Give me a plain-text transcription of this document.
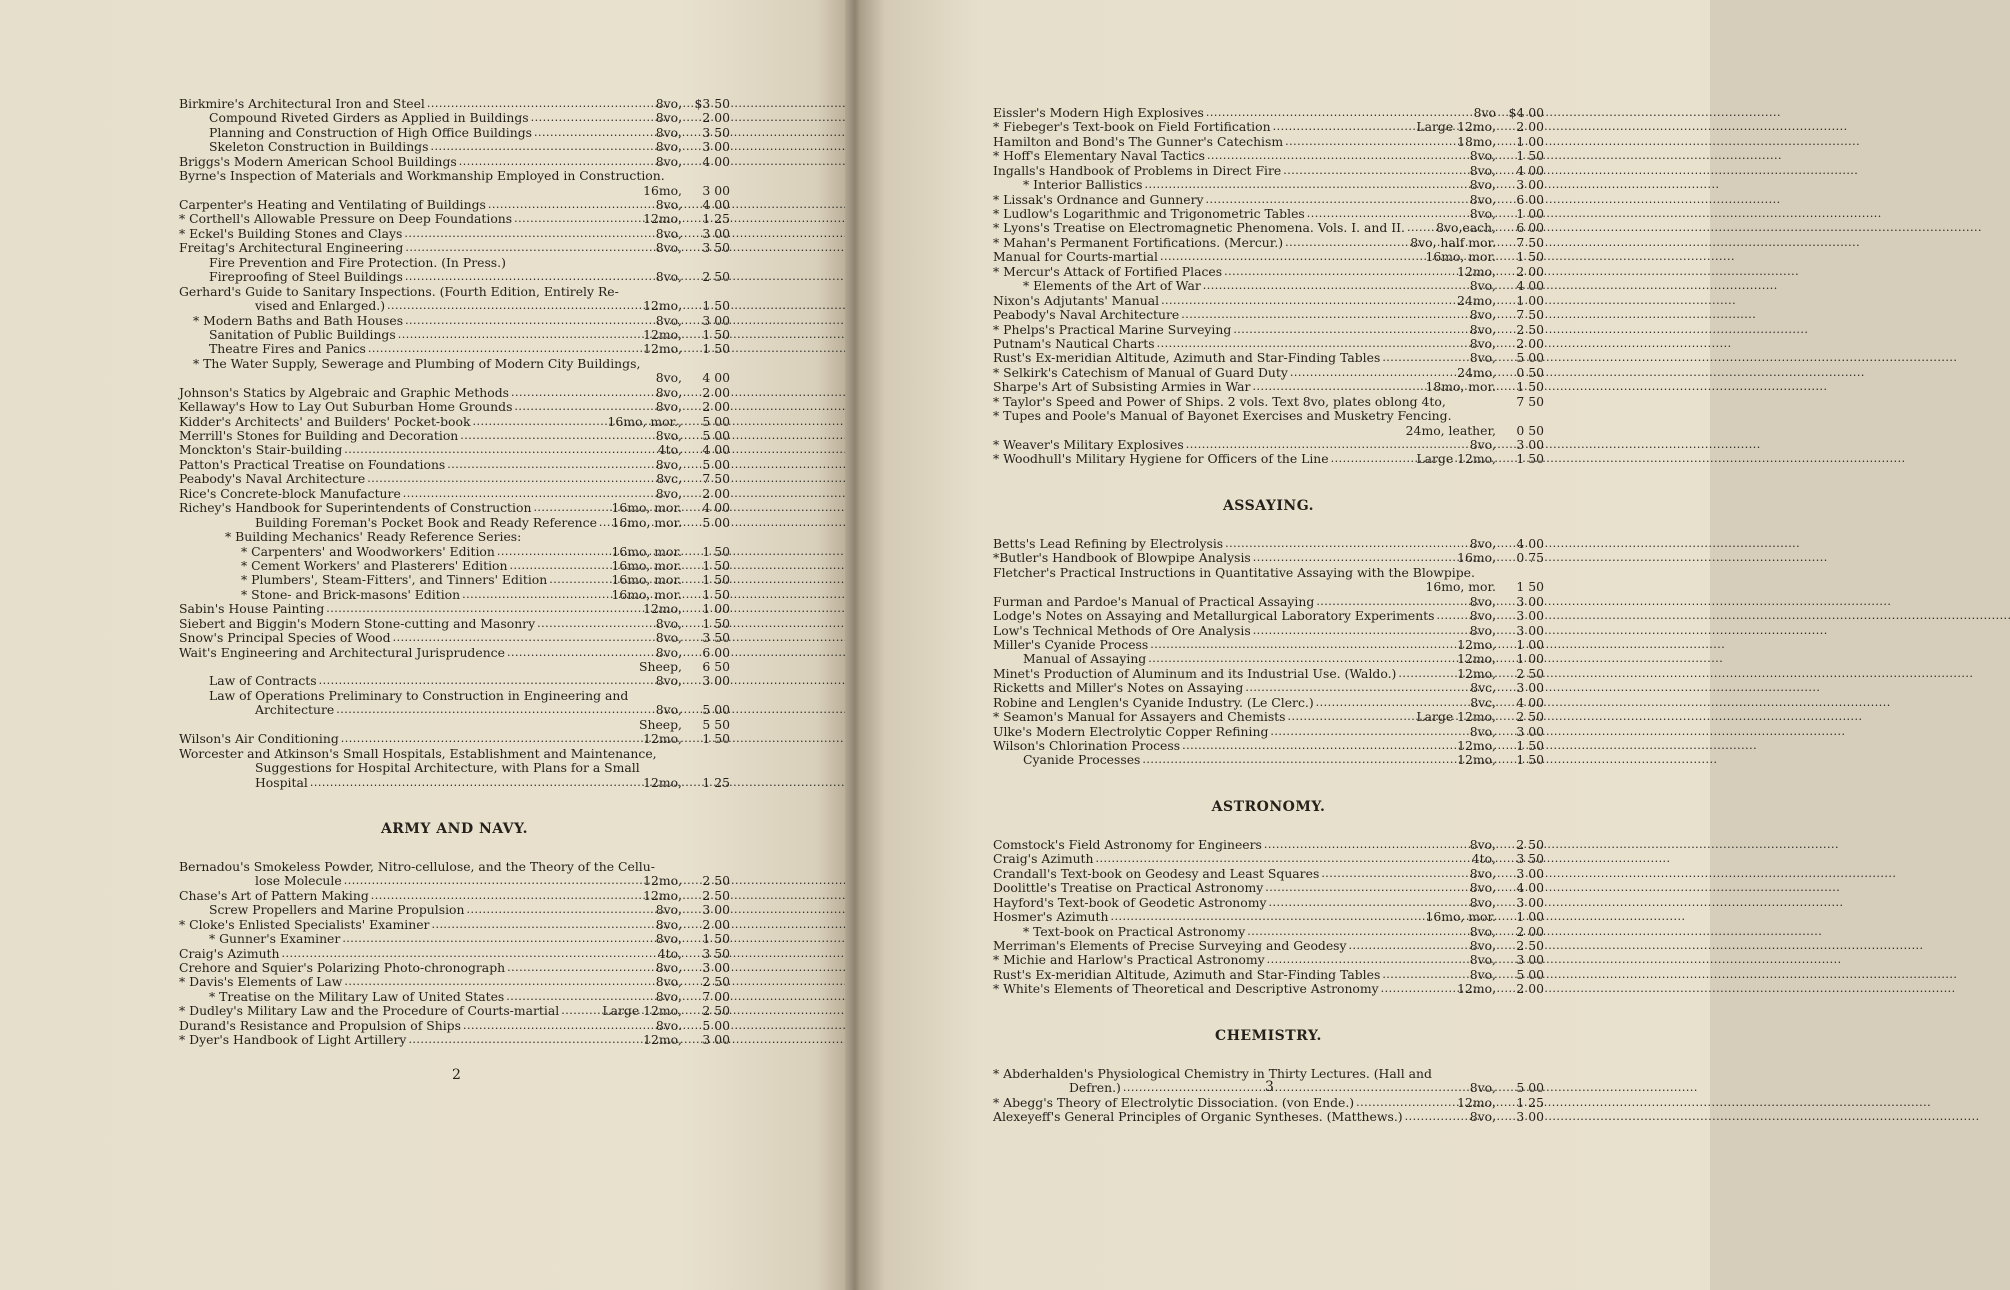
Birkmire's Architectural Iron and Steel . . .	8vo,	$3 50
Compound Riveted Girders as Applied in Buildings . . .	8vo,	2 00
Planning and Construction of High Office Buildings . . .	8vo,	3 50
Skeleton Construction in Buildings . . .	8vo,	3 00
Briggs's Modern American School Buildings . . .	8vo,	4 00
Byrne's Inspection of Materials and Workmanship Employed in Construction.
16mo,	3 00
Carpenter's Heating and Ventilating of Buildings . . .	8vo,	4 00
* Corthell's Allowable Pressure on Deep Foundations . . .	12mo,	1 25
* Eckel's Building Stones and Clays . . .	8vo,	3 00
Freitag's Architectural Engineering . . .	8vo,	3 50
Fire Prevention and Fire Protection. (In Press.)
Fireproofing of Steel Buildings . . .	8vo,	2 50
Gerhard's Guide to Sanitary Inspections. (Fourth Edition, Entirely Re-
vised and Enlarged.) . . .	12mo,	1 50
* Modern Baths and Bath Houses . . .	8vo,	3 00
Sanitation of Public Buildings . . .	12mo,	1 50
Theatre Fires and Panics . . .	12mo,	1 50
* The Water Supply, Sewerage and Plumbing of Modern City Buildings,
8vo,	4 00
Johnson's Statics by Algebraic and Graphic Methods . . .	8vo,	2 00
Kellaway's How to Lay Out Suburban Home Grounds . . .	8vo,	2 00
Kidder's Architects' and Builders' Pocket-book . . .	16mo, mor.,	5 00
Merrill's Stones for Building and Decoration . . .	8vo,	5 00
Monckton's Stair-building . . .	4to,	4 00
Patton's Practical Treatise on Foundations . . .	8vo,	5 00
Peabody's Naval Architecture . . .	8vc,	7 50
Rice's Concrete-block Manufacture . . .	8vo,	2 00
Richey's Handbook for Superintendents of Construction . . .	16mo, mor.	4 00
Building Foreman's Pocket Book and Ready Reference . . . 16mo, mor.	5 00
* Building Mechanics' Ready Reference Series:
* Carpenters' and Woodworkers' Edition . . .	16mo, mor.	1 50
* Cement Workers' and Plasterers' Edition . . .	16mo, mor.	1 50
* Plumbers', Steam-Fitters', and Tinners' Edition . . .	16mo, mor.	1 50
* Stone- and Brick-masons' Edition . . .	16mo, mor.	1 50
Sabin's House Painting . . .	12mo,	1 00
Siebert and Biggin's Modern Stone-cutting and Masonry . . .	8vo,	1 50
Snow's Principal Species of Wood . . .	8vo,	3 50
Wait's Engineering and Architectural Jurisprudence . . .	8vo,	6 00
Sheep,	6 50
Law of Contracts . . .	8vo,	3 00
Law of Operations Preliminary to Construction in Engineering and
Architecture . . .	8vo,	5 00
Sheep,	5 50
Wilson's Air Conditioning . . .	12mo,	1 50
Worcester and Atkinson's Small Hospitals, Establishment and Maintenance,
Suggestions for Hospital Architecture, with Plans for a Small
Hospital . . .	12mo,	1 25
ARMY AND NAVY.
Bernadou's Smokeless Powder, Nitro-cellulose, and the Theory of the Cellu-
lose Molecule . . .	12mo,	2 50
Chase's Art of Pattern Making . . .	12mo,	2 50
Screw Propellers and Marine Propulsion . . .	8vo,	3 00
* Cloke's Enlisted Specialists' Examiner . . .	8vo,	2 00
* Gunner's Examiner . . .	8vo,	1 50
Craig's Azimuth . . .	4to,	3 50
Crehore and Squier's Polarizing Photo-chronograph . . .	8vo,	3 00
* Davis's Elements of Law . . .	8vo,	2 50
* Treatise on the Military Law of United States . . .	8vo,	7 00
* Dudley's Military Law and the Procedure of Courts-martial . . .	Large 12mo,	2 50
Durand's Resistance and Propulsion of Ships . . .	8vo.	5 00
* Dyer's Handbook of Light Artillery . . .	12mo,	3 00
2
Eissler's Modern High Explosives . . .	8vo	$4 00
* Fiebeger's Text-book on Field Fortification . . .	Large 12mo,	2 00
Hamilton and Bond's The Gunner's Catechism . . .	18mo,	1 00
* Hoff's Elementary Naval Tactics . . .	8vo,	1 50
Ingalls's Handbook of Problems in Direct Fire . . .	8vo,	4 00
* Interior Ballistics . . .	8vo,	3 00
* Lissak's Ordnance and Gunnery . . .	8vo,	6 00
* Ludlow's Logarithmic and Trigonometric Tables . . .	8vo,	1 00
* Lyons's Treatise on Electromagnetic Phenomena. Vols. I. and II. . . .	8vo,each,	6 00
* Mahan's Permanent Fortifications. (Mercur.) . . .	8vo, half mor.	7 50
Manual for Courts-martial . . .	16mo, mor.	1 50
* Mercur's Attack of Fortified Places . . .	12mo,	2 00
* Elements of the Art of War . . .	8vo,	4 00
Nixon's Adjutants' Manual . . .	24mo,	1 00
Peabody's Naval Architecture . . .	8vo,	7 50
* Phelps's Practical Marine Surveying . . .	8vo,	2 50
Putnam's Nautical Charts . . .	8vo,	2 00
Rust's Ex-meridian Altitude, Azimuth and Star-Finding Tables . . .	8vo,	5 00
* Selkirk's Catechism of Manual of Guard Duty . . .	24mo,	0 50
Sharpe's Art of Subsisting Armies in War . . .	18mo, mor.	1 50
* Taylor's Speed and Power of Ships. 2 vols. Text 8vo, plates oblong 4to,	7 50
* Tupes and Poole's Manual of Bayonet Exercises and Musketry Fencing.
24mo, leather,	0 50
* Weaver's Military Explosives . . .	8vo,	3 00
* Woodhull's Military Hygiene for Officers of the Line . . .	Large 12mo,	1 50
ASSAYING.
Betts's Lead Refining by Electrolysis . . .	8vo,	4 00
*Butler's Handbook of Blowpipe Analysis . . .	16mo,	0 75
Fletcher's Practical Instructions in Quantitative Assaying with the Blowpipe.
16mo, mor.	1 50
Furman and Pardoe's Manual of Practical Assaying . . .	8vo,	3 00
Lodge's Notes on Assaying and Metallurgical Laboratory Experiments . . .	8vo,	3 00
Low's Technical Methods of Ore Analysis . . .	8vo,	3 00
Miller's Cyanide Process . . .	12mo,	1 00
Manual of Assaying . . .	12mo,	1 00
Minet's Production of Aluminum and its Industrial Use. (Waldo.) . . .	12mo,	2 50
Ricketts and Miller's Notes on Assaying . . .	8vc,	3 00
Robine and Lenglen's Cyanide Industry. (Le Clerc.) . . .	8vc,	4 00
* Seamon's Manual for Assayers and Chemists . . .	Large 12mo,	2 50
Ulke's Modern Electrolytic Copper Refining . . .	8vo,	3 00
Wilson's Chlorination Process . . .	12mo,	1 50
Cyanide Processes . . .	12mo,	1 50
ASTRONOMY.
Comstock's Field Astronomy for Engineers . . .	8vo,	2 50
Craig's Azimuth . . .	4to,	3 50
Crandall's Text-book on Geodesy and Least Squares . . .	8vo,	3 00
Doolittle's Treatise on Practical Astronomy . . .	8vo,	4 00
Hayford's Text-book of Geodetic Astronomy . . .	8vo,	3 00
Hosmer's Azimuth . . .	16mo, mor.	1 00
* Text-book on Practical Astronomy . . .	8vo,	2 00
Merriman's Elements of Precise Surveying and Geodesy . . .	8vo,	2 50
* Michie and Harlow's Practical Astronomy . . .	8vo,	3 00
Rust's Ex-meridian Altitude, Azimuth and Star-Finding Tables . . .	8vo,	5 00
* White's Elements of Theoretical and Descriptive Astronomy . . .	12mo,	2 00
CHEMISTRY.
* Abderhalden's Physiological Chemistry in Thirty Lectures. (Hall and
Defren.) . . .	8vo,	5 00
* Abegg's Theory of Electrolytic Dissociation. (von Ende.) . . .	12mo,	1 25
Alexeyeff's General Principles of Organic Syntheses. (Matthews.) . . .	8vo,	3 00
3
